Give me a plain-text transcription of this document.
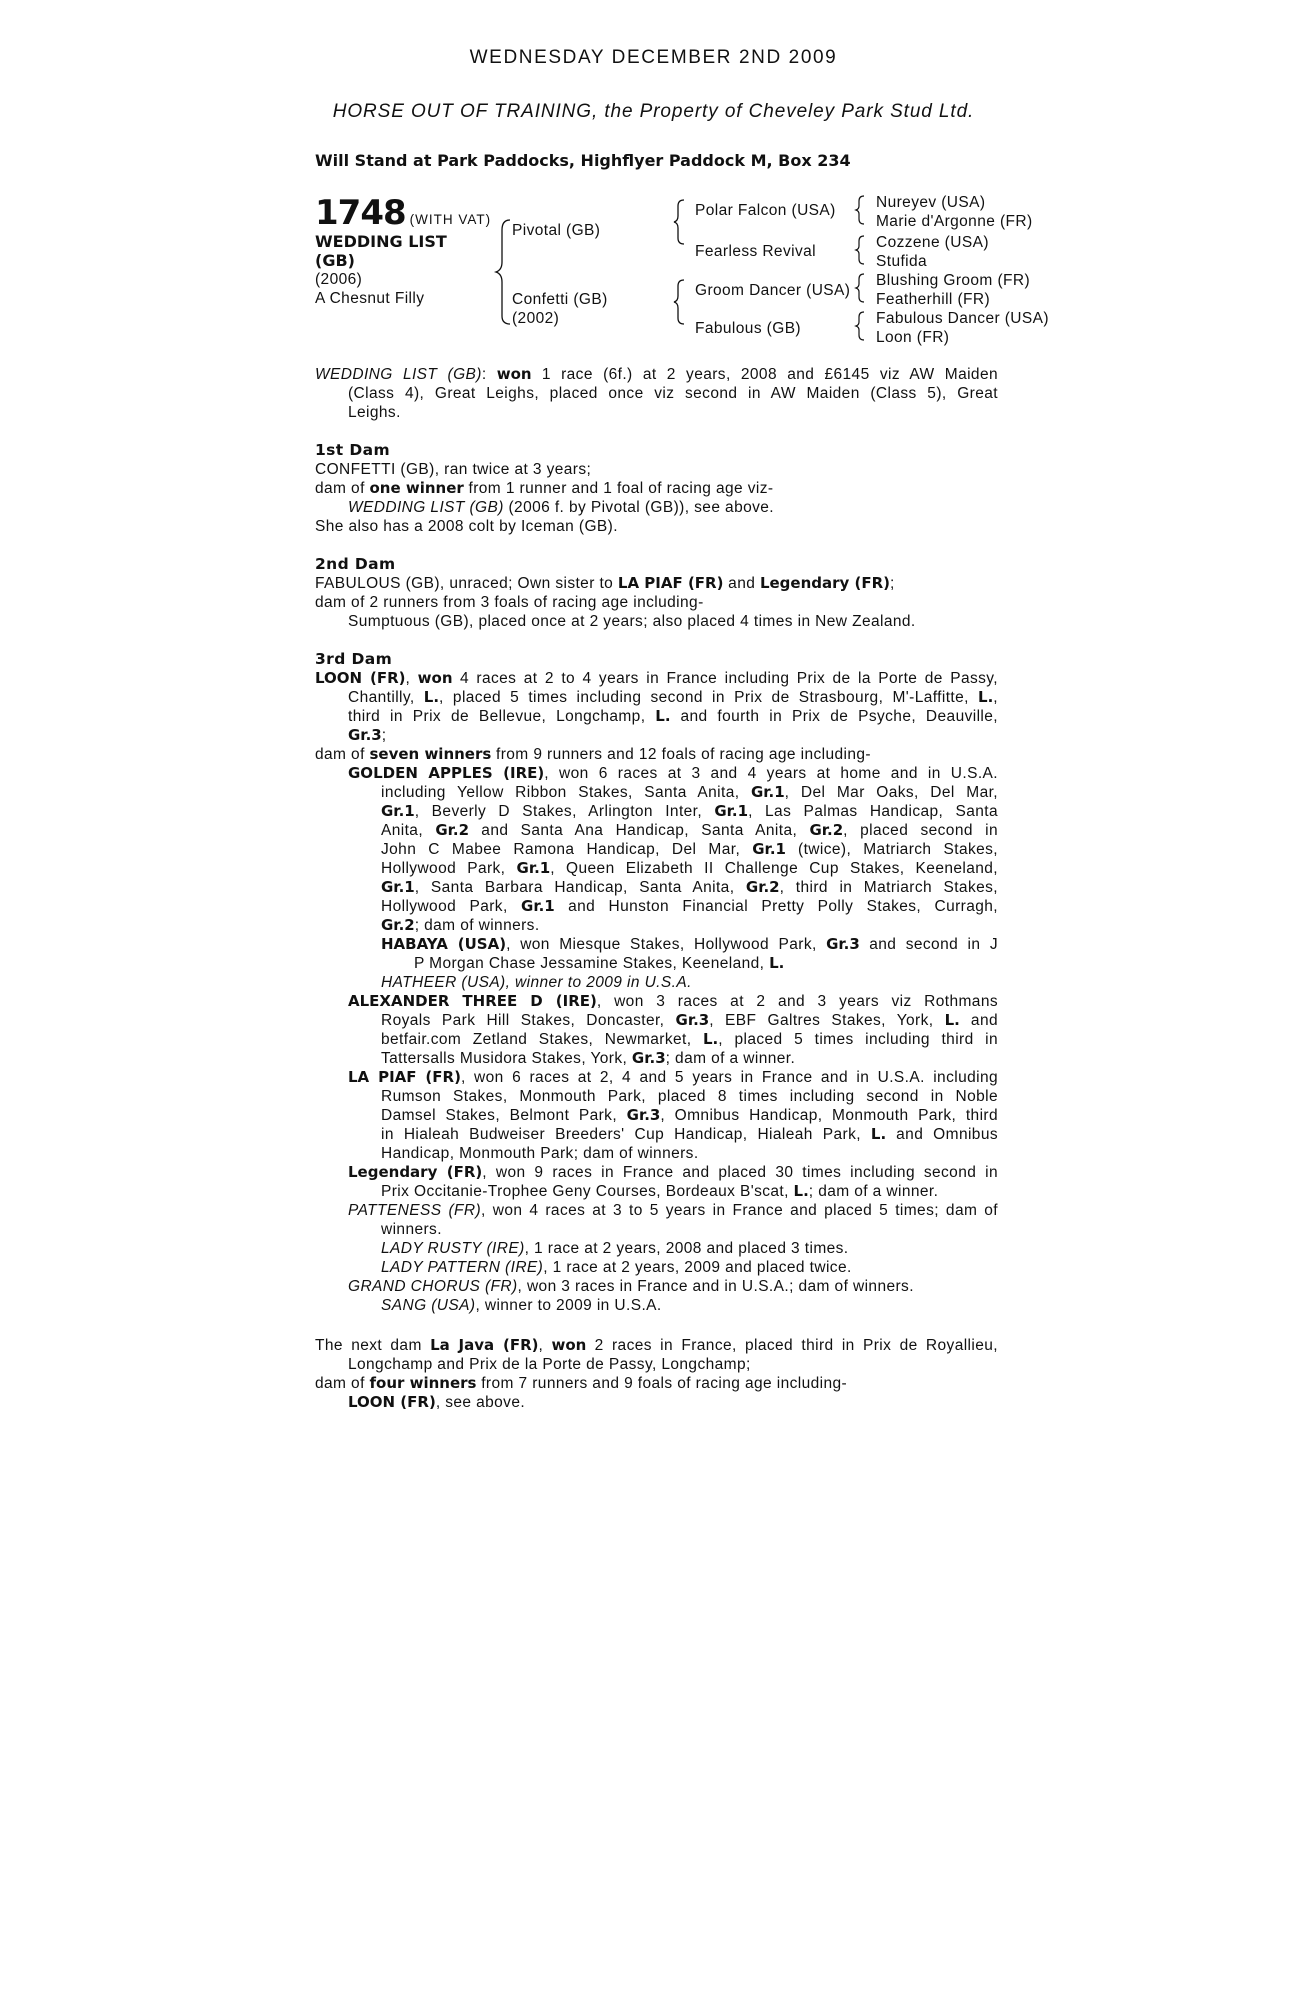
WEDNESDAY DECEMBER 2ND 2009
HORSE OUT OF TRAINING, the Property of Cheveley Park Stud Ltd.
Will Stand at Park Paddocks, Highflyer Paddock M, Box 234
1748 (WITH VAT)
WEDDING LIST
(GB)
(2006)
A Chesnut Filly
Pivotal (GB)
Confetti (GB)
(2002)
Polar Falcon (USA)
Fearless Revival
Groom Dancer (USA)
Fabulous (GB)
Nureyev (USA)
Marie d'Argonne (FR)
Cozzene (USA)
Stufida
Blushing Groom (FR)
Featherhill (FR)
Fabulous Dancer (USA)
Loon (FR)
WEDDING LIST (GB): won 1 race (6f.) at 2 years, 2008 and £6145 viz AW Maiden
(Class 4), Great Leighs, placed once viz second in AW Maiden (Class 5), Great
Leighs.
1st Dam
CONFETTI (GB), ran twice at 3 years;
dam of one winner from 1 runner and 1 foal of racing age viz-
WEDDING LIST (GB) (2006 f. by Pivotal (GB)), see above.
She also has a 2008 colt by Iceman (GB).
2nd Dam
FABULOUS (GB), unraced; Own sister to LA PIAF (FR) and Legendary (FR);
dam of 2 runners from 3 foals of racing age including-
Sumptuous (GB), placed once at 2 years; also placed 4 times in New Zealand.
3rd Dam
LOON (FR), won 4 races at 2 to 4 years in France including Prix de la Porte de Passy,
Chantilly, L., placed 5 times including second in Prix de Strasbourg, M'-Laffitte, L.,
third in Prix de Bellevue, Longchamp, L. and fourth in Prix de Psyche, Deauville,
Gr.3;
dam of seven winners from 9 runners and 12 foals of racing age including-
GOLDEN APPLES (IRE), won 6 races at 3 and 4 years at home and in U.S.A.
including Yellow Ribbon Stakes, Santa Anita, Gr.1, Del Mar Oaks, Del Mar,
Gr.1, Beverly D Stakes, Arlington Inter, Gr.1, Las Palmas Handicap, Santa
Anita, Gr.2 and Santa Ana Handicap, Santa Anita, Gr.2, placed second in
John C Mabee Ramona Handicap, Del Mar, Gr.1 (twice), Matriarch Stakes,
Hollywood Park, Gr.1, Queen Elizabeth II Challenge Cup Stakes, Keeneland,
Gr.1, Santa Barbara Handicap, Santa Anita, Gr.2, third in Matriarch Stakes,
Hollywood Park, Gr.1 and Hunston Financial Pretty Polly Stakes, Curragh,
Gr.2; dam of winners.
HABAYA (USA), won Miesque Stakes, Hollywood Park, Gr.3 and second in J
P Morgan Chase Jessamine Stakes, Keeneland, L.
HATHEER (USA), winner to 2009 in U.S.A.
ALEXANDER THREE D (IRE), won 3 races at 2 and 3 years viz Rothmans
Royals Park Hill Stakes, Doncaster, Gr.3, EBF Galtres Stakes, York, L. and
betfair.com Zetland Stakes, Newmarket, L., placed 5 times including third in
Tattersalls Musidora Stakes, York, Gr.3; dam of a winner.
LA PIAF (FR), won 6 races at 2, 4 and 5 years in France and in U.S.A. including
Rumson Stakes, Monmouth Park, placed 8 times including second in Noble
Damsel Stakes, Belmont Park, Gr.3, Omnibus Handicap, Monmouth Park, third
in Hialeah Budweiser Breeders' Cup Handicap, Hialeah Park, L. and Omnibus
Handicap, Monmouth Park; dam of winners.
Legendary (FR), won 9 races in France and placed 30 times including second in
Prix Occitanie-Trophee Geny Courses, Bordeaux B'scat, L.; dam of a winner.
PATTENESS (FR), won 4 races at 3 to 5 years in France and placed 5 times; dam of
winners.
LADY RUSTY (IRE), 1 race at 2 years, 2008 and placed 3 times.
LADY PATTERN (IRE), 1 race at 2 years, 2009 and placed twice.
GRAND CHORUS (FR), won 3 races in France and in U.S.A.; dam of winners.
SANG (USA), winner to 2009 in U.S.A.
The next dam La Java (FR), won 2 races in France, placed third in Prix de Royallieu,
Longchamp and Prix de la Porte de Passy, Longchamp;
dam of four winners from 7 runners and 9 foals of racing age including-
LOON (FR), see above.
